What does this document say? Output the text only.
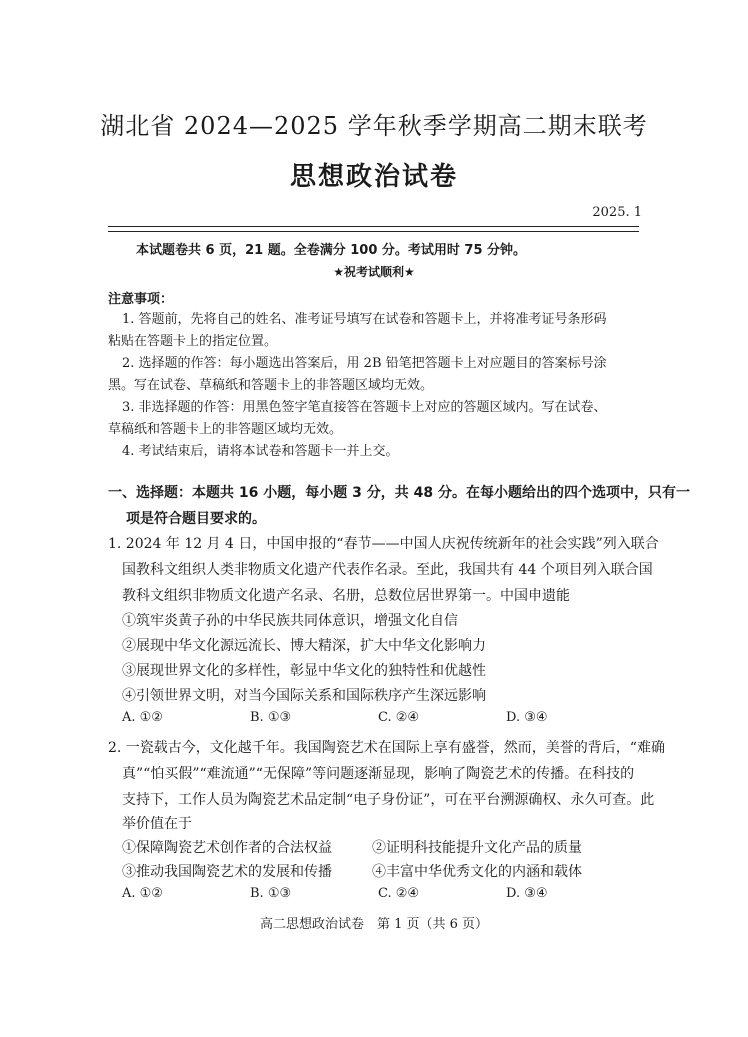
湖北省 2024—2025 学年秋季学期高二期末联考
思想政治试卷
2025. 1
本试题卷共 6 页，21 题。全卷满分 100 分。考试用时 75 分钟。
★祝考试顺利★
注意事项：
1. 答题前，先将自己的姓名、准考证号填写在试卷和答题卡上，并将准考证号条形码
粘贴在答题卡上的指定位置。
2. 选择题的作答：每小题选出答案后，用 2B 铅笔把答题卡上对应题目的答案标号涂
黑。写在试卷、草稿纸和答题卡上的非答题区域均无效。
3. 非选择题的作答：用黑色签字笔直接答在答题卡上对应的答题区域内。写在试卷、
草稿纸和答题卡上的非答题区域均无效。
4. 考试结束后，请将本试卷和答题卡一并上交。
一、选择题：本题共 16 小题，每小题 3 分，共 48 分。在每小题给出的四个选项中，只有一
项是符合题目要求的。
1. 2024 年 12 月 4 日，中国申报的“春节——中国人庆祝传统新年的社会实践”列入联合
国教科文组织人类非物质文化遗产代表作名录。至此，我国共有 44 个项目列入联合国
教科文组织非物质文化遗产名录、名册，总数位居世界第一。中国申遗能
①筑牢炎黄子孙的中华民族共同体意识，增强文化自信
②展现中华文化源远流长、博大精深，扩大中华文化影响力
③展现世界文化的多样性，彰显中华文化的独特性和优越性
④引领世界文明，对当今国际关系和国际秩序产生深远影响
A. ①②	B. ①③	C. ②④	D. ③④
2. 一瓷载古今，文化越千年。我国陶瓷艺术在国际上享有盛誉，然而，美誉的背后，“难确
真”“怕买假”“难流通”“无保障”等问题逐渐显现，影响了陶瓷艺术的传播。在科技的
支持下，工作人员为陶瓷艺术品定制“电子身份证”，可在平台溯源确权、永久可查。此
举价值在于
①保障陶瓷艺术创作者的合法权益	②证明科技能提升文化产品的质量
③推动我国陶瓷艺术的发展和传播	④丰富中华优秀文化的内涵和载体
A. ①②	B. ①③	C. ②④	D. ③④
高二思想政治试卷　第 1 页（共 6 页）
